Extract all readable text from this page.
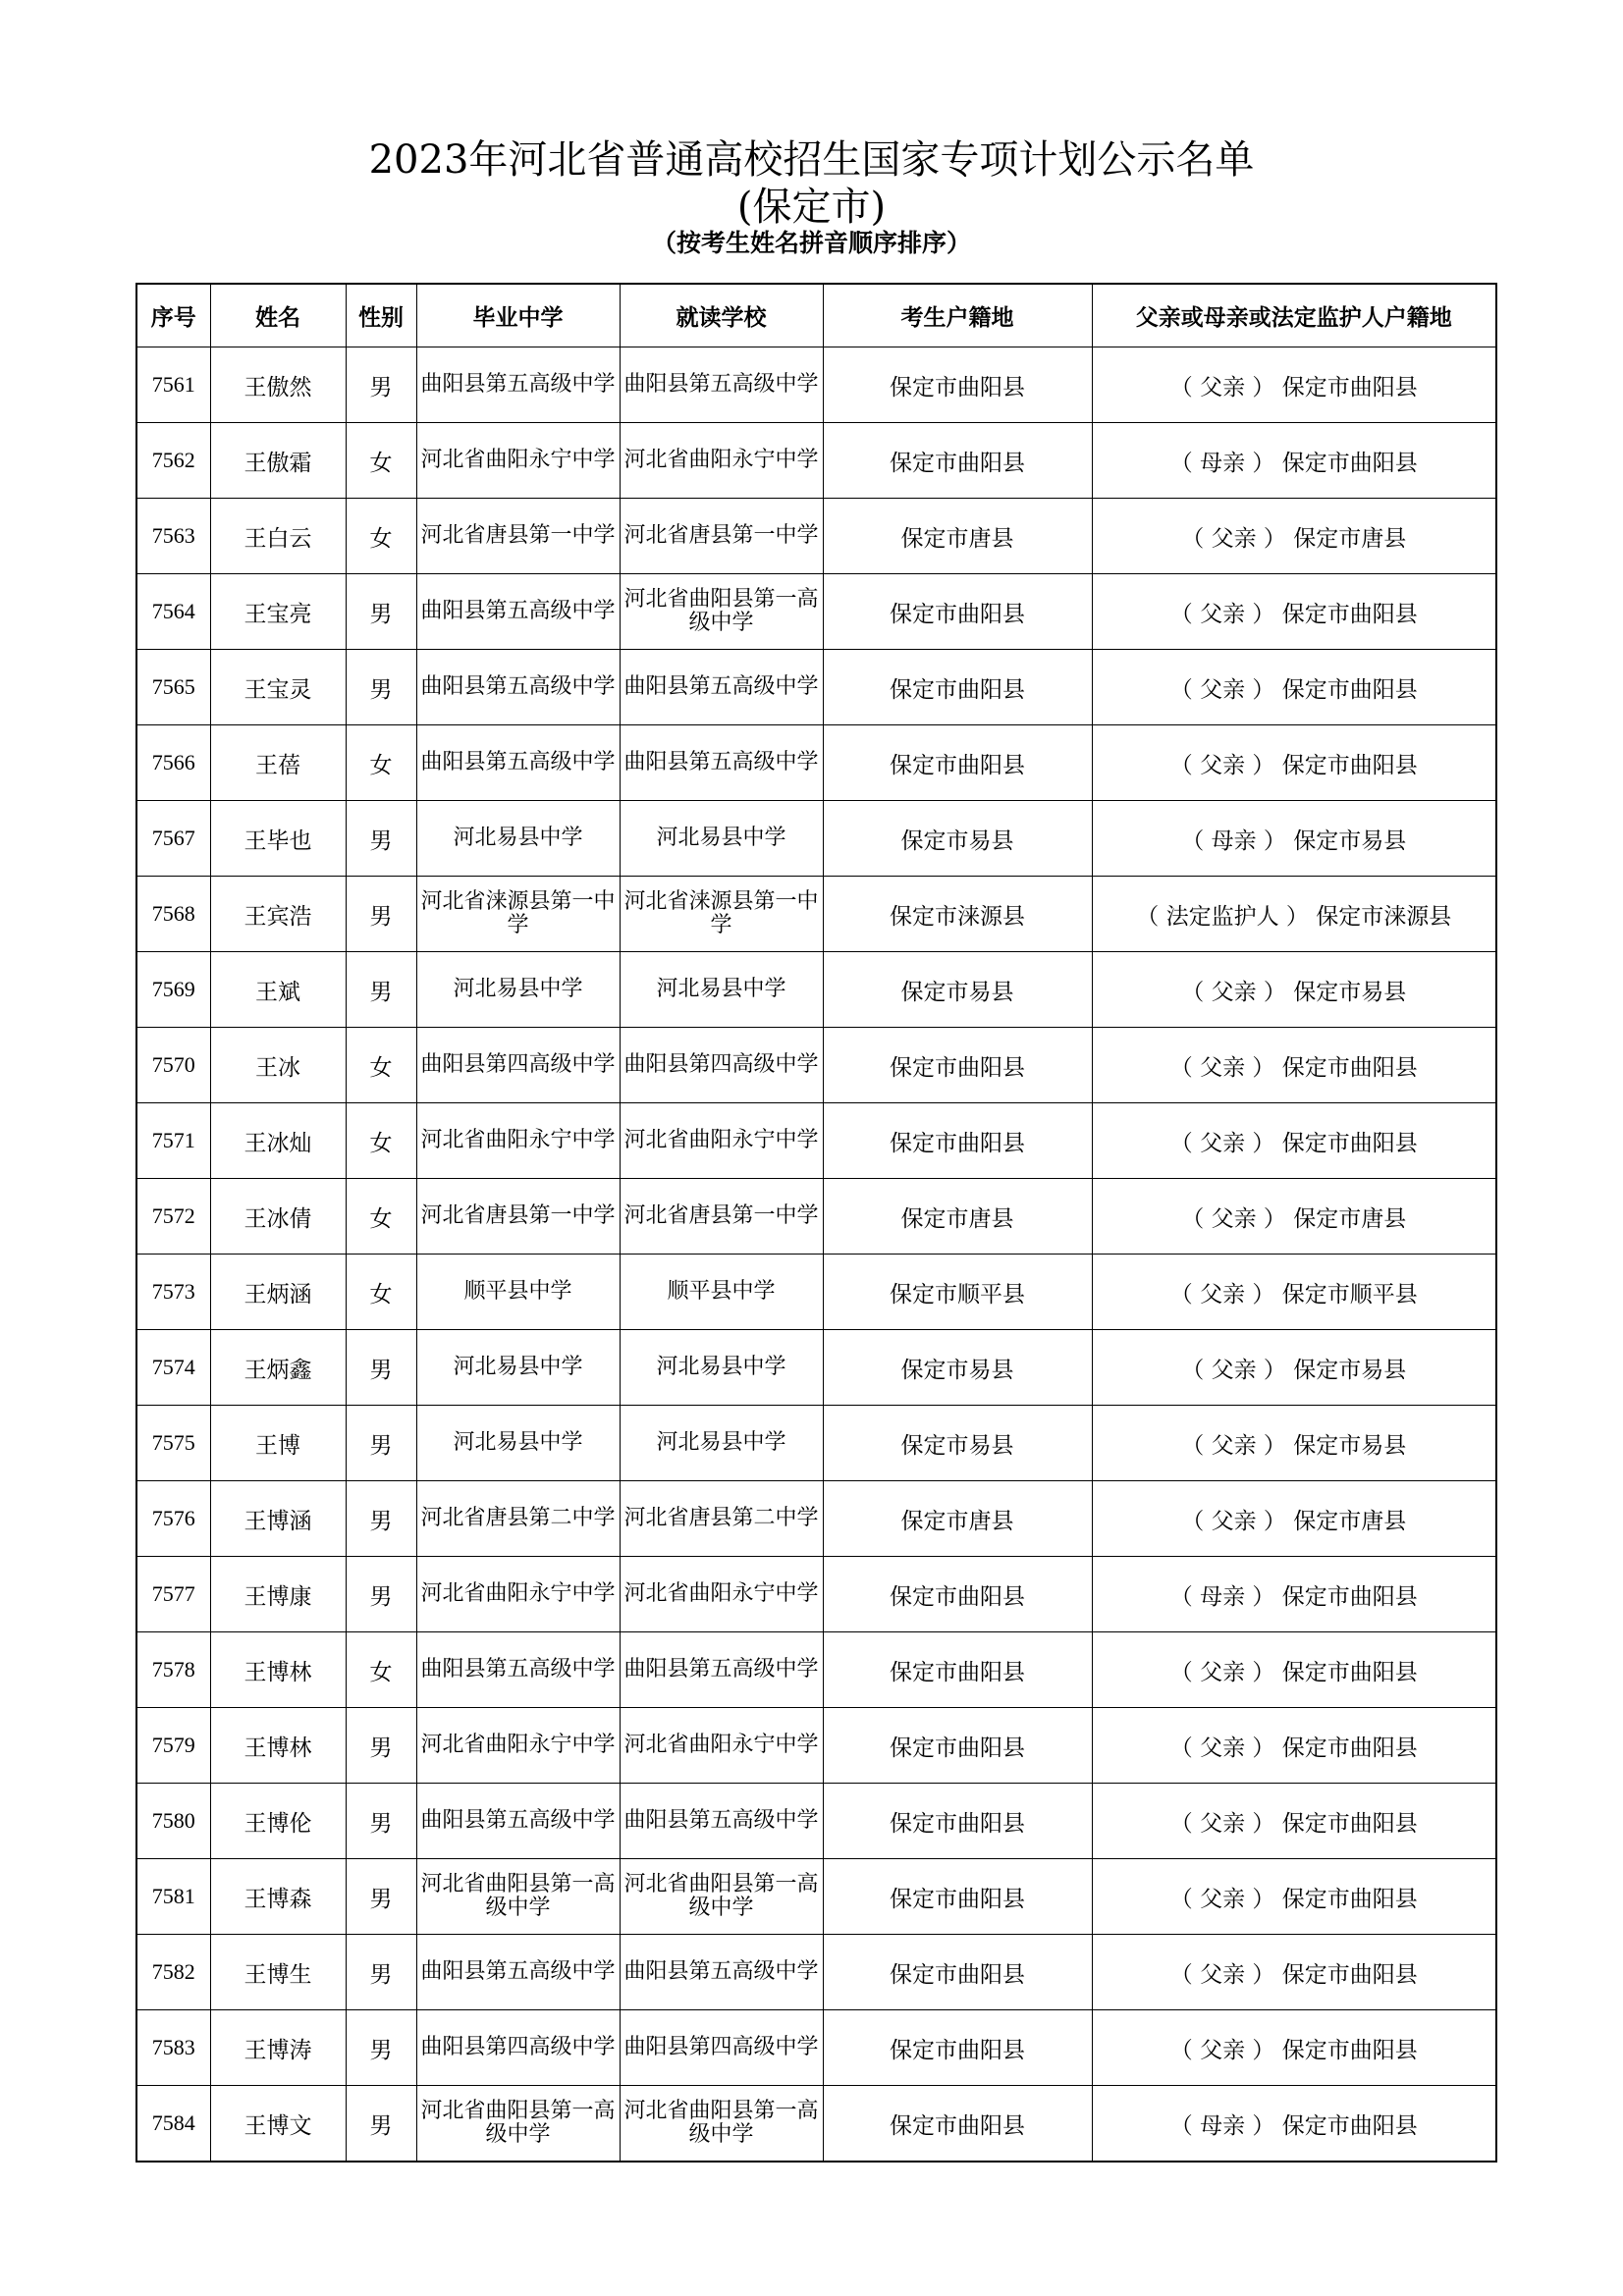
2023年河北省普通高校招生国家专项计划公示名单
(保定市)
（按考生姓名拼音顺序排序）
序号	姓名	性别	毕业中学	就读学校	考生户籍地	父亲或母亲或法定监护人户籍地
7561	王傲然	男	曲阳县第五高级中学	曲阳县第五高级中学	保定市曲阳县	（ 父亲 ） 保定市曲阳县
7562	王傲霜	女	河北省曲阳永宁中学	河北省曲阳永宁中学	保定市曲阳县	（ 母亲 ） 保定市曲阳县
7563	王白云	女	河北省唐县第一中学	河北省唐县第一中学	保定市唐县	（ 父亲 ） 保定市唐县
7564	王宝亮	男	曲阳县第五高级中学	河北省曲阳县第一高级中学	保定市曲阳县	（ 父亲 ） 保定市曲阳县
7565	王宝灵	男	曲阳县第五高级中学	曲阳县第五高级中学	保定市曲阳县	（ 父亲 ） 保定市曲阳县
7566	王蓓	女	曲阳县第五高级中学	曲阳县第五高级中学	保定市曲阳县	（ 父亲 ） 保定市曲阳县
7567	王毕也	男	河北易县中学	河北易县中学	保定市易县	（ 母亲 ） 保定市易县
7568	王宾浩	男	河北省涞源县第一中学	河北省涞源县第一中学	保定市涞源县	（ 法定监护人 ） 保定市涞源县
7569	王斌	男	河北易县中学	河北易县中学	保定市易县	（ 父亲 ） 保定市易县
7570	王冰	女	曲阳县第四高级中学	曲阳县第四高级中学	保定市曲阳县	（ 父亲 ） 保定市曲阳县
7571	王冰灿	女	河北省曲阳永宁中学	河北省曲阳永宁中学	保定市曲阳县	（ 父亲 ） 保定市曲阳县
7572	王冰倩	女	河北省唐县第一中学	河北省唐县第一中学	保定市唐县	（ 父亲 ） 保定市唐县
7573	王炳涵	女	顺平县中学	顺平县中学	保定市顺平县	（ 父亲 ） 保定市顺平县
7574	王炳鑫	男	河北易县中学	河北易县中学	保定市易县	（ 父亲 ） 保定市易县
7575	王博	男	河北易县中学	河北易县中学	保定市易县	（ 父亲 ） 保定市易县
7576	王博涵	男	河北省唐县第二中学	河北省唐县第二中学	保定市唐县	（ 父亲 ） 保定市唐县
7577	王博康	男	河北省曲阳永宁中学	河北省曲阳永宁中学	保定市曲阳县	（ 母亲 ） 保定市曲阳县
7578	王博林	女	曲阳县第五高级中学	曲阳县第五高级中学	保定市曲阳县	（ 父亲 ） 保定市曲阳县
7579	王博林	男	河北省曲阳永宁中学	河北省曲阳永宁中学	保定市曲阳县	（ 父亲 ） 保定市曲阳县
7580	王博伦	男	曲阳县第五高级中学	曲阳县第五高级中学	保定市曲阳县	（ 父亲 ） 保定市曲阳县
7581	王博森	男	河北省曲阳县第一高级中学	河北省曲阳县第一高级中学	保定市曲阳县	（ 父亲 ） 保定市曲阳县
7582	王博生	男	曲阳县第五高级中学	曲阳县第五高级中学	保定市曲阳县	（ 父亲 ） 保定市曲阳县
7583	王博涛	男	曲阳县第四高级中学	曲阳县第四高级中学	保定市曲阳县	（ 父亲 ） 保定市曲阳县
7584	王博文	男	河北省曲阳县第一高级中学	河北省曲阳县第一高级中学	保定市曲阳县	（ 母亲 ） 保定市曲阳县
